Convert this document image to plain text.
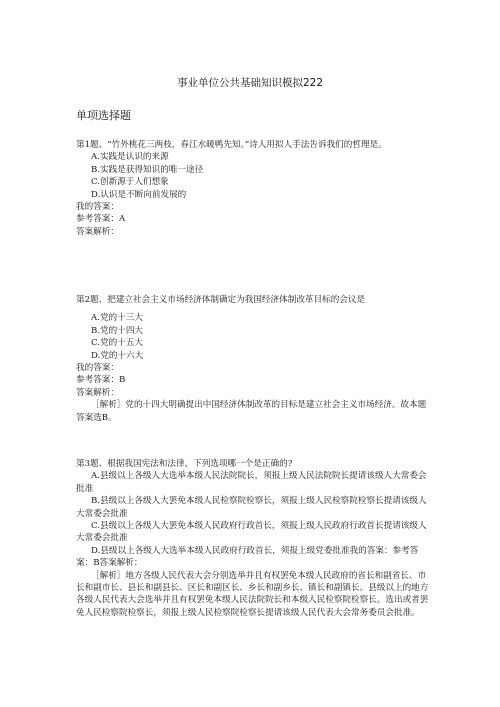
事业单位公共基础知识模拟222
单项选择题

第1题、“竹外桃花三两枝，春江水暖鸭先知。”诗人用拟人手法告诉我们的哲理是。

A.实践是认识的来源

B.实践是获得知识的唯一途径

C.创新源于人们想象

D.认识是不断向前发展的

我的答案：

参考答案：A

答案解析：

第2题、把建立社会主义市场经济体制确定为我国经济体制改革目标的会议是

A.党的十三大

B.党的十四大

C.党的十五大

D.党的十六大

我的答案：

参考答案：B

答案解析：

［解析］党的十四大明确提出中国经济体制改革的目标是建立社会主义市场经济。故本题答案选B。

第3题、根据我国宪法和法律，下列选项哪一个是正确的?

A.县级以上各级人大选举本级人民法院院长，须报上级人民法院院长提请该级人大常委会批准

B.县级以上各级人大罢免本级人民检察院检察长，须报上级人民检察院检察长提请该级人大常委会批准

C.县级以上各级人大罢免本级人民政府行政首长，须报上级人民政府行政首长提请该级人大常委会批准

D.县级以上各级人大选举本级人民政府行政首长，须报上级党委批准我的答案：参考答案：B答案解析：

［解析］地方各级人民代表大会分别选举并且有权罢免本级人民政府的省长和副省长、市长和副市长、县长和副县长、区长和副区长、乡长和副乡长、镇长和副镇长。县级以上的地方各级人民代表大会选举并且有权罢免本级人民法院院长和本级人民检察院检察长。选出或者罢免人民检察院检察长，须报上级人民检察院检察长提请该级人民代表大会常务委员会批准。
